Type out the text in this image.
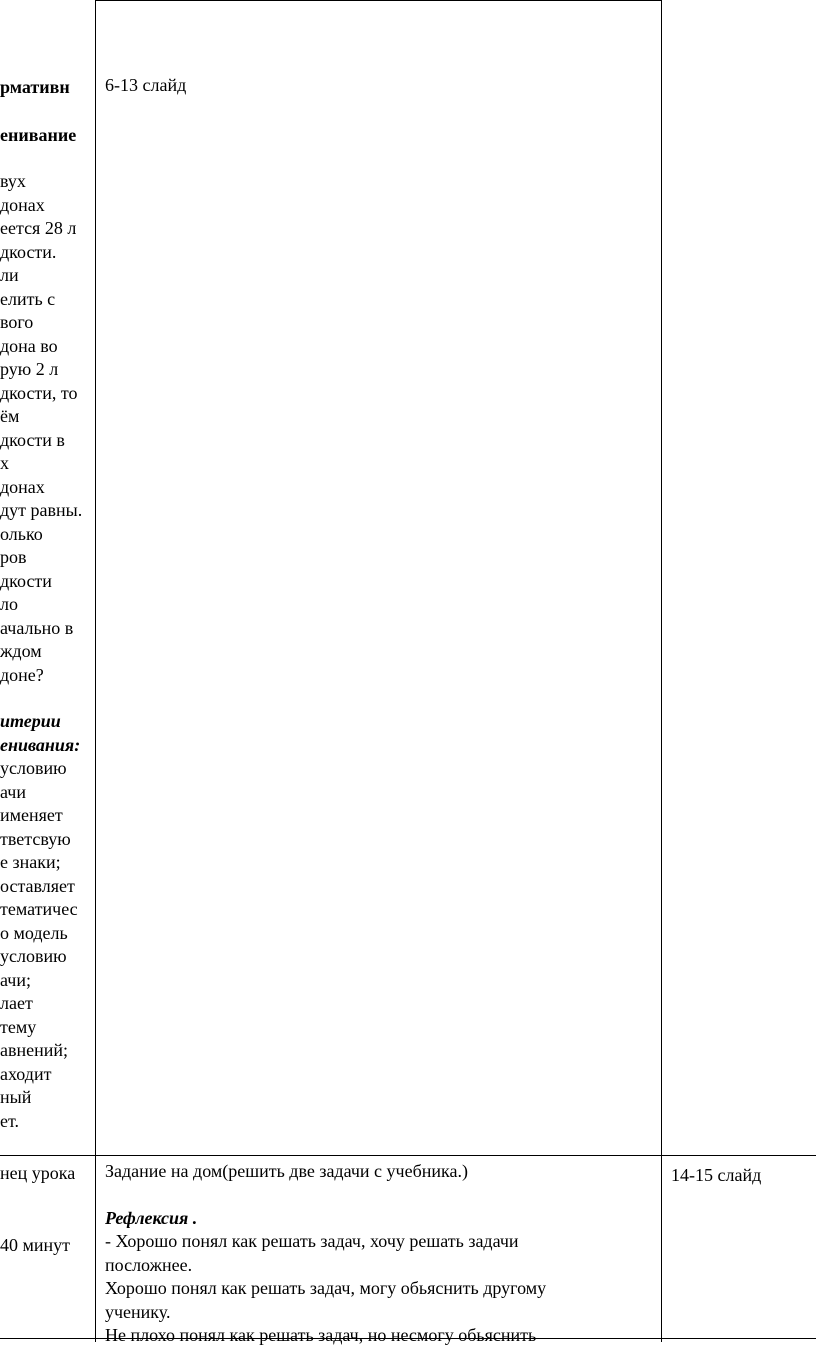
рмативн
енивание
вух
донах
еется 28 л
дкости.
ли
елить с
вого
дона во
рую 2 л
дкости, то
ём
дкости в
х
донах
дут равны.
олько
ров
дкости
ло
ачально в
ждом
доне?
итерии
енивания:
условию
ачи
именяет
тветсвую
е знаки;
оставляет
тематичес
о модель
условию
ачи;
лает
тему
авнений;
аходит
ный
ет.
6-13 слайд
нец урока
40 минут
Задание на дом(решить две задачи с учебника.)
Рефлексия .
- Хорошо понял как решать задач, хочу решать задачи
посложнее.
Хорошо понял как решать задач, могу обьяснить другому
ученику.
Не плохо понял как решать задач, но несмогу обьяснить
14-15 слайд
